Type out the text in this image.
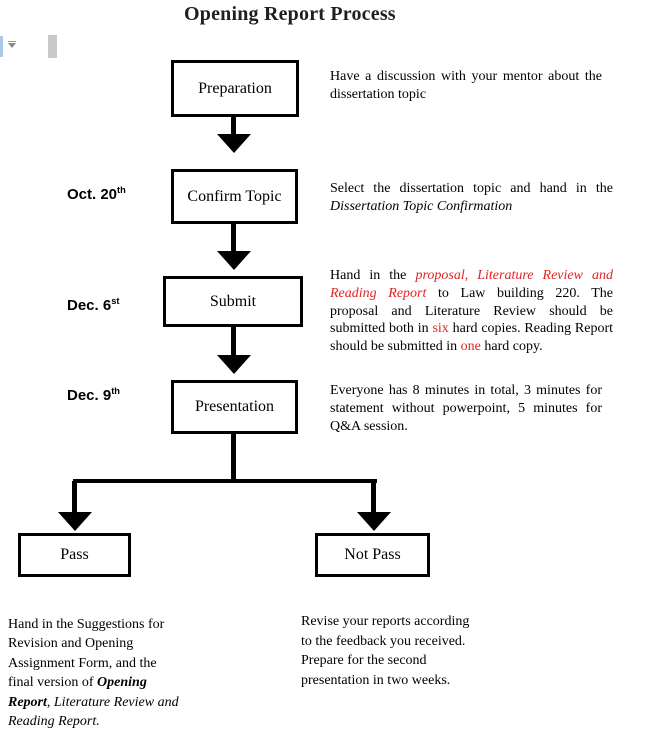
Opening Report Process
Preparation
Confirm Topic
Submit
Presentation
Pass	Not Pass
Oct. 20th
Dec. 6st
Dec. 9th

Have a discussion with your mentor about the dissertation topic

Select the dissertation topic and hand in the Dissertation Topic Confirmation

Hand in the proposal, Literature Review and Reading Report to Law building 220. The proposal and Literature Review should be submitted both in six hard copies. Reading Report should be submitted in one hard copy.

Everyone has 8 minutes in total, 3 minutes for statement without powerpoint, 5 minutes for Q&A session.

Hand in the Suggestions for Revision and Opening Assignment Form, and the final version of Opening Report, Literature Review and Reading Report.

Revise your reports according to the feedback you received. Prepare for the second presentation in two weeks.
